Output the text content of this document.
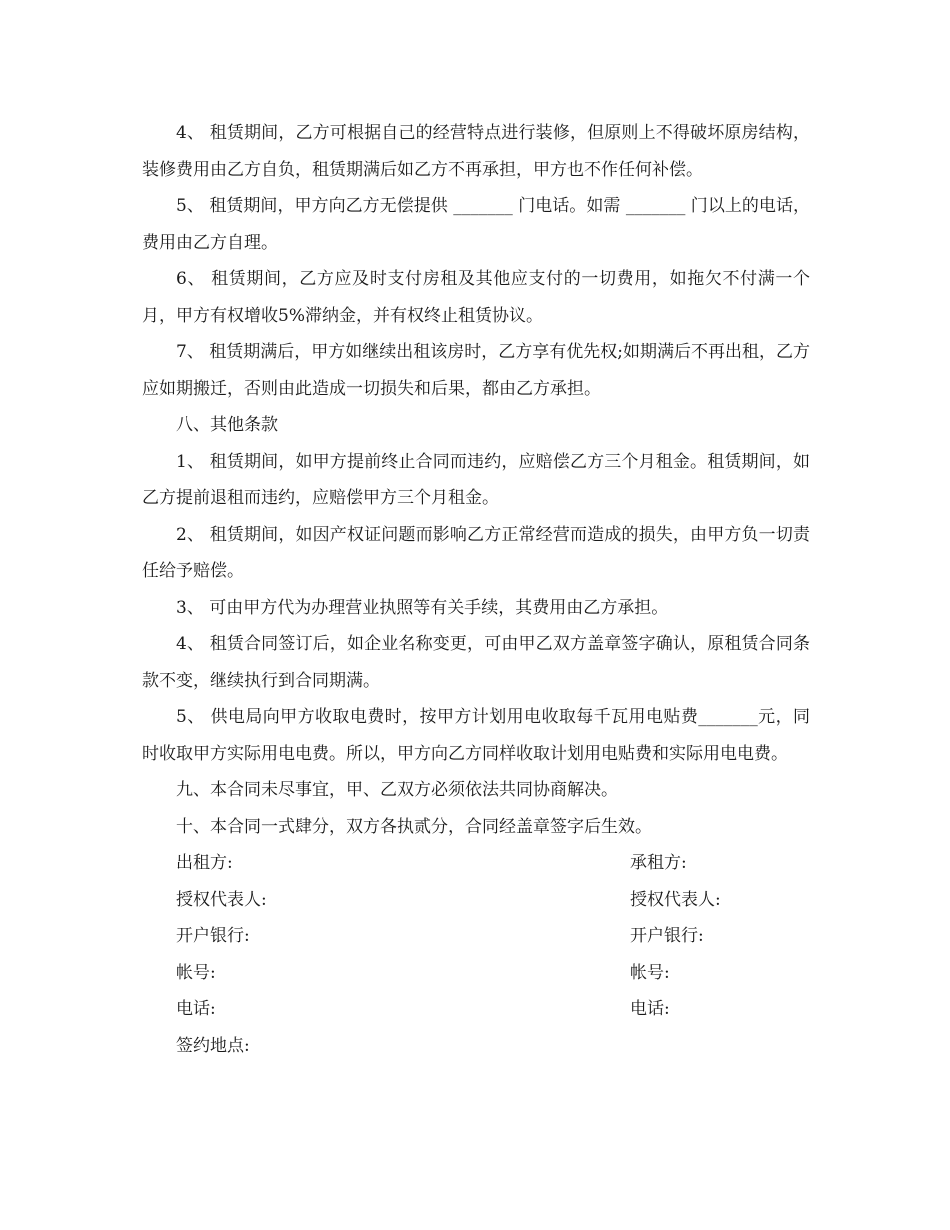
4、 租赁期间，乙方可根据自己的经营特点进行装修，但原则上不得破坏原房结构，装修费用由乙方自负，租赁期满后如乙方不再承担，甲方也不作任何补偿。

5、 租赁期间，甲方向乙方无偿提供 _______ 门电话。如需 _______ 门以上的电话，费用由乙方自理。

6、 租赁期间，乙方应及时支付房租及其他应支付的一切费用，如拖欠不付满一个月，甲方有权增收5%滞纳金，并有权终止租赁协议。

7、 租赁期满后，甲方如继续出租该房时，乙方享有优先权;如期满后不再出租，乙方应如期搬迁，否则由此造成一切损失和后果，都由乙方承担。

八、其他条款

1、 租赁期间，如甲方提前终止合同而违约，应赔偿乙方三个月租金。租赁期间，如乙方提前退租而违约，应赔偿甲方三个月租金。

2、 租赁期间，如因产权证问题而影响乙方正常经营而造成的损失，由甲方负一切责任给予赔偿。

3、 可由甲方代为办理营业执照等有关手续，其费用由乙方承担。

4、 租赁合同签订后，如企业名称变更，可由甲乙双方盖章签字确认，原租赁合同条款不变，继续执行到合同期满。

5、 供电局向甲方收取电费时，按甲方计划用电收取每千瓦用电贴费_______元，同时收取甲方实际用电电费。所以，甲方向乙方同样收取计划用电贴费和实际用电电费。

九、本合同未尽事宜，甲、乙双方必须依法共同协商解决。

十、本合同一式肆分，双方各执贰分，合同经盖章签字后生效。

出租方:	承租方:
授权代表人:	授权代表人:
开户银行:	开户银行:
帐号:	帐号:
电话:	电话:
签约地点:
